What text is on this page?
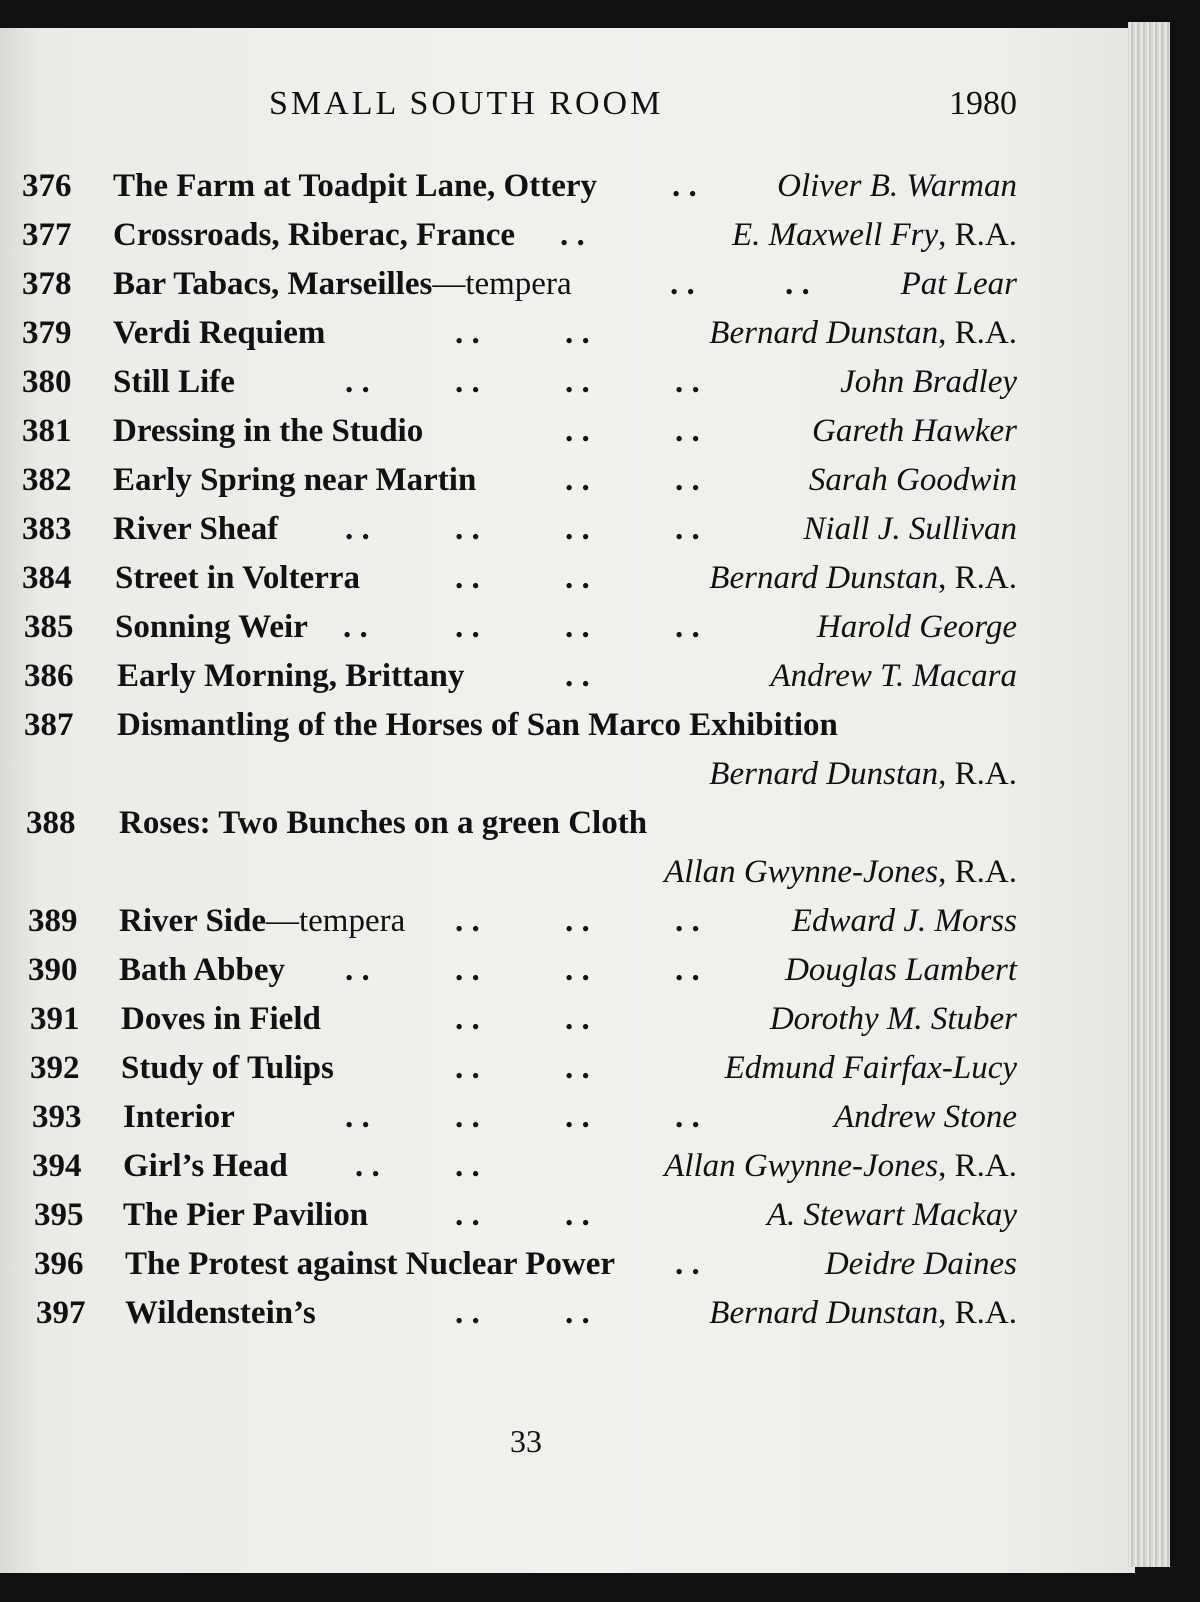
SMALL SOUTH ROOM	1980
376 The Farm at Toadpit Lane, Ottery . . Oliver B. Warman
377 Crossroads, Riberac, France . .	E. Maxwell Fry, R.A.
378 Bar Tabacs, Marseilles—tempera	. .	. .	Pat Lear
379 Verdi Requiem	. .	. .	Bernard Dunstan, R.A.
380 Still Life	. .	. .	. .	. .	John Bradley
381 Dressing in the Studio	. .	. .	Gareth Hawker
382 Early Spring near Martin	. .	. .	Sarah Goodwin
383 River Sheaf . .	. .	. .	. .	Niall J. Sullivan
384 Street in Volterra	. .	. .	Bernard Dunstan, R.A.
385 Sonning Weir . .	. .	. .	. .	Harold George
386 Early Morning, Brittany	. .	Andrew T. Macara
387 Dismantling of the Horses of San Marco Exhibition
Bernard Dunstan, R.A.
388 Roses: Two Bunches on a green Cloth
Allan Gwynne-Jones, R.A.
389 River Side—tempera . .	. .	. .	Edward J. Morss
390 Bath Abbey . .	. .	. .	. .	Douglas Lambert
391 Doves in Field	. .	. .	Dorothy M. Stuber
392 Study of Tulips	. .	. .	Edmund Fairfax-Lucy
393 Interior	. .	. .	. .	. .	Andrew Stone
394 Girl’s Head . . . .	Allan Gwynne-Jones, R.A.
395 The Pier Pavilion	. .	. .	A. Stewart Mackay
396 The Protest against Nuclear Power . .	Deidre Daines
397 Wildenstein’s	. .	. .	Bernard Dunstan, R.A.
33
